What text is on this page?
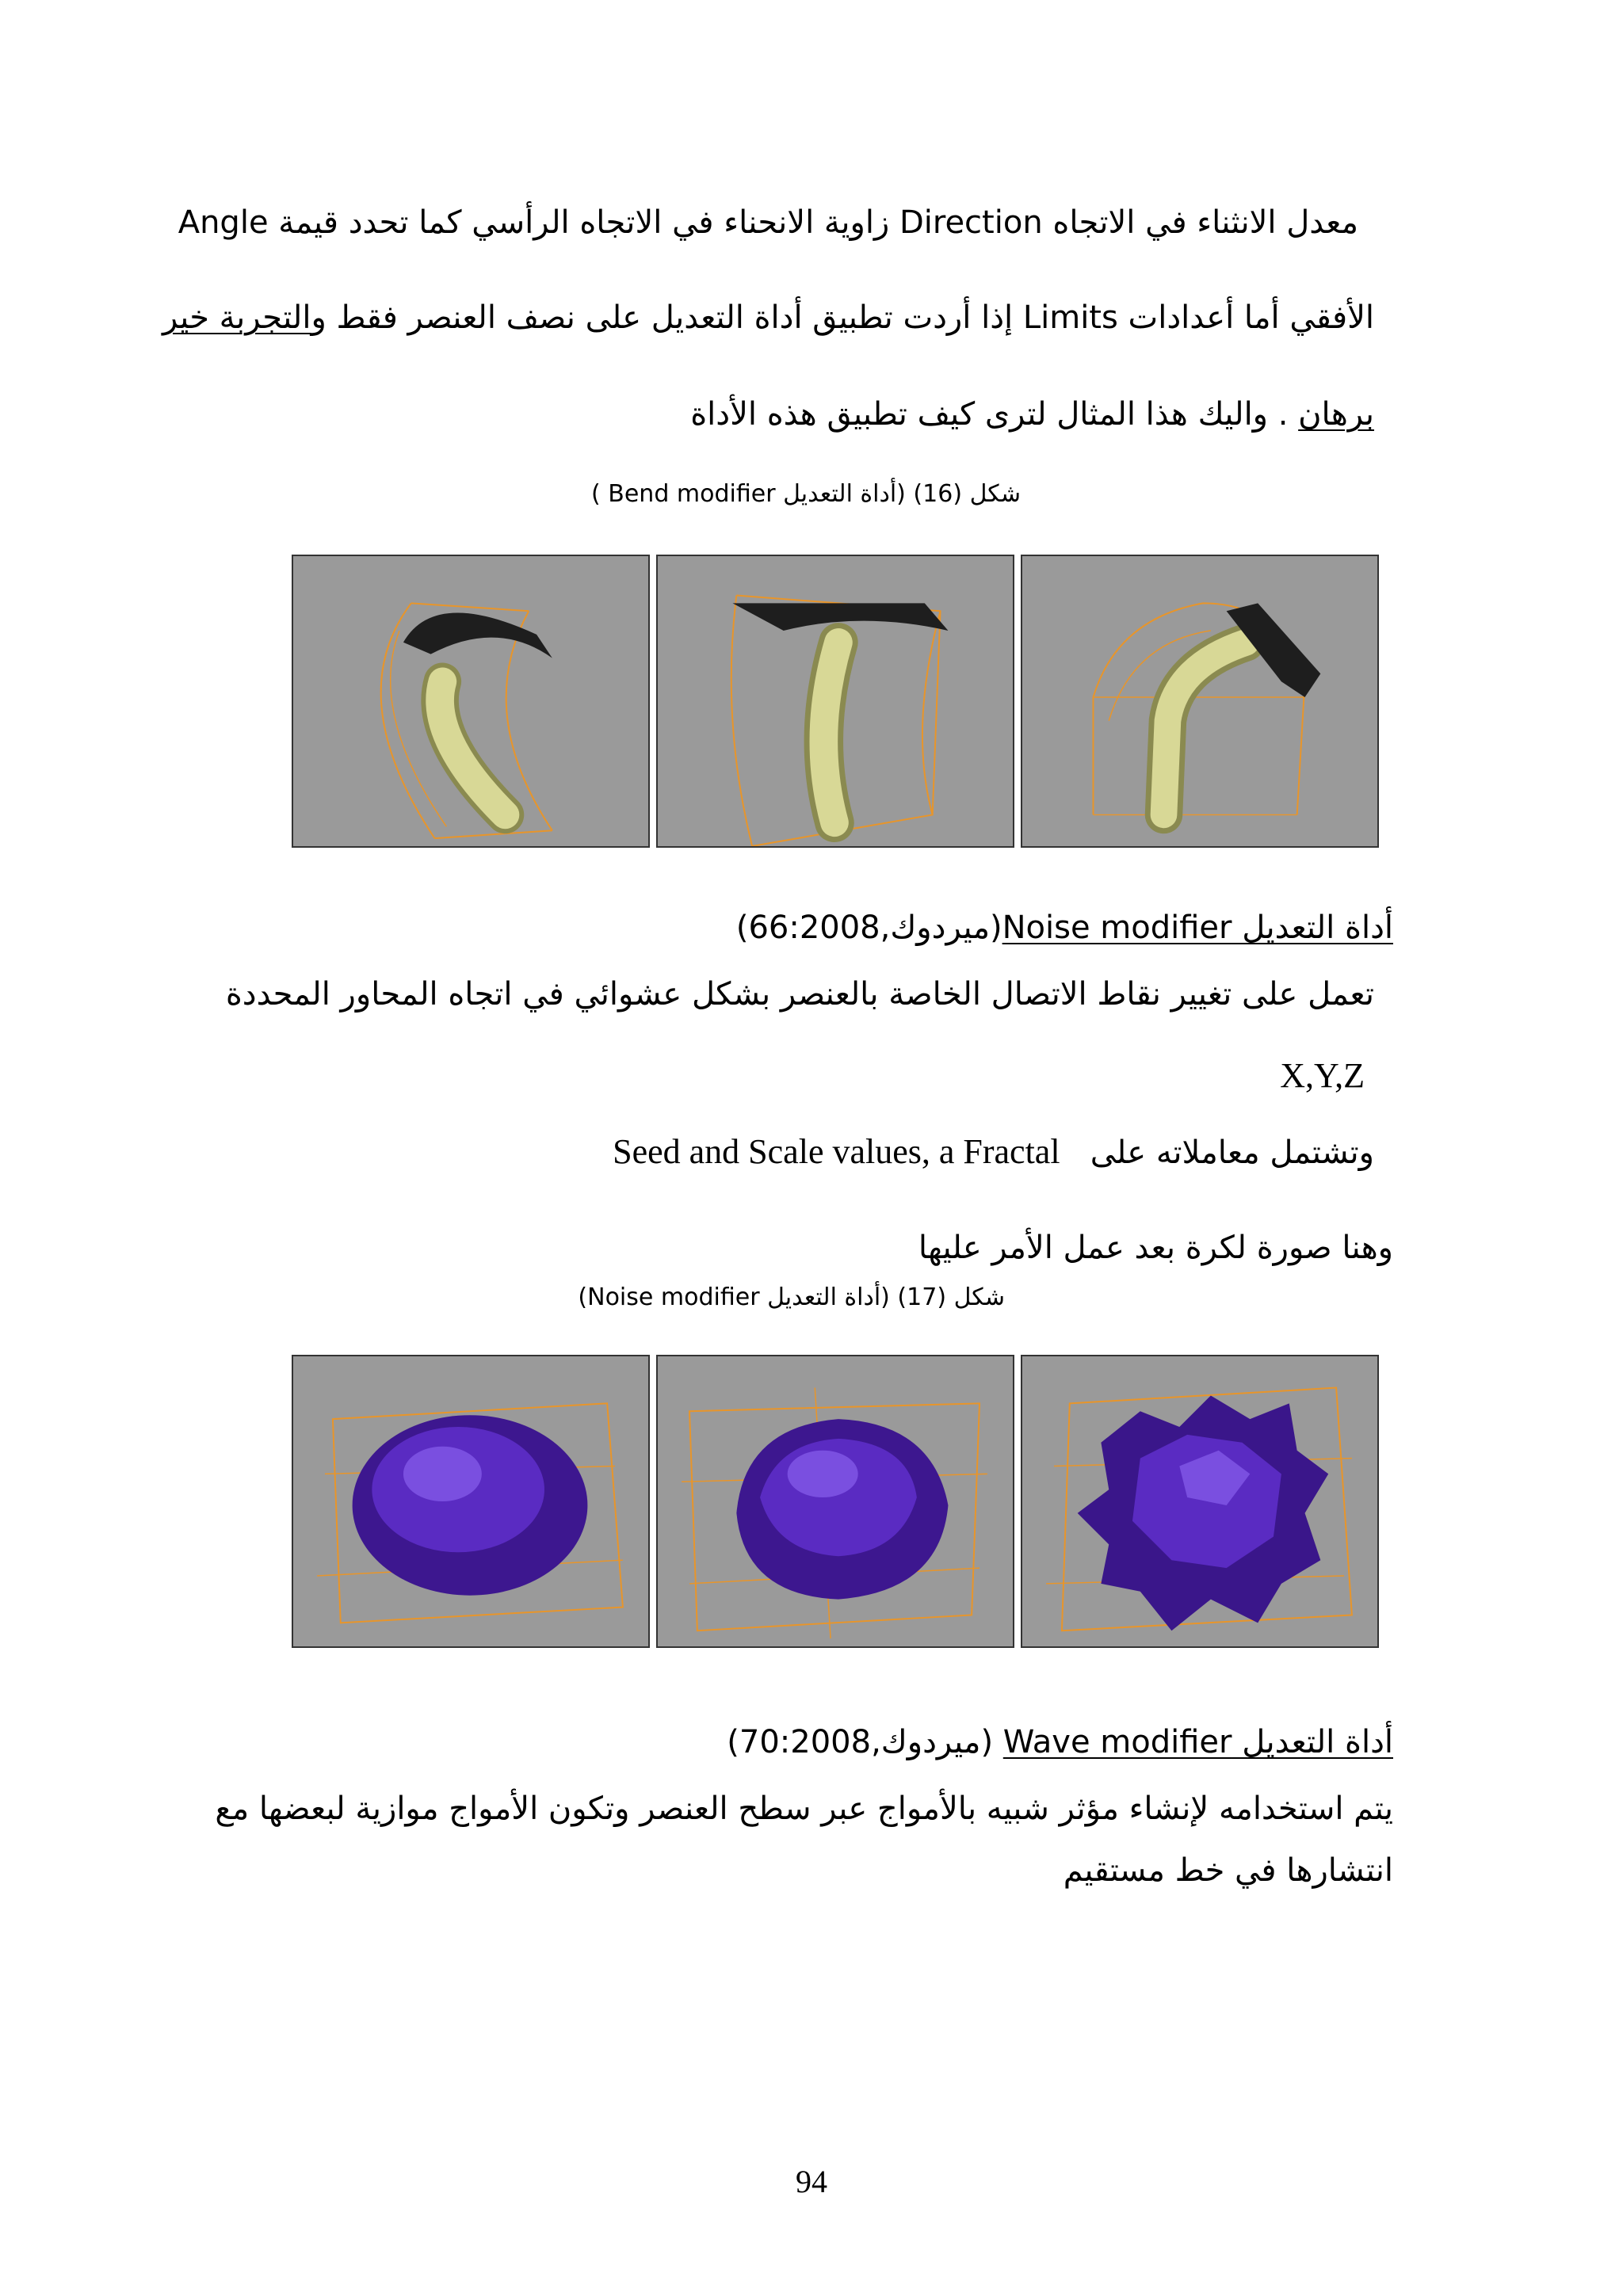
Angle زاوية الانحناء في الاتجاه الرأسي كما تحدد قيمة Direction معدل الانثناء في الاتجاه
الأفقي أما أعدادات Limits إذا أردت تطبيق أداة التعديل على نصف العنصر فقط والتجربة خير
برهان . واليك هذا المثال لترى كيف تطبيق هذه الأداة
شكل (16) (أداة التعديل Bend modifier )
أداة التعديل Noise modifier(ميردوك,66:2008)
تعمل على تغيير نقاط الاتصال الخاصة بالعنصر بشكل عشوائي في اتجاه المحاور المحددة
X,Y,Z
وتشتمل معاملاته على   Seed and Scale values, a Fractal
وهنا صورة لكرة بعد عمل الأمر عليها
شكل (17) (أداة التعديل Noise modifier)
أداة التعديل Wave modifier (ميردوك,70:2008)
يتم استخدامه لإنشاء مؤثر شبيه بالأمواج عبر سطح العنصر وتكون الأمواج موازية لبعضها مع
انتشارها في خط مستقيم
94
